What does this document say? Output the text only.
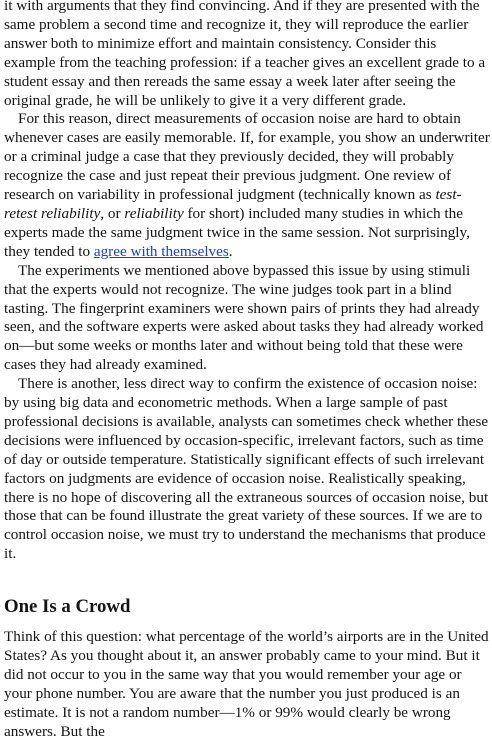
it with arguments that they find convincing. And if they are presented with the same problem a second time and recognize it, they will reproduce the earlier answer both to minimize effort and maintain consistency. Consider this example from the teaching profession: if a teacher gives an excellent grade to a student essay and then rereads the same essay a week later after seeing the original grade, he will be unlikely to give it a very different grade.

For this reason, direct measurements of occasion noise are hard to obtain whenever cases are easily memorable. If, for example, you show an underwriter or a criminal judge a case that they previously decided, they will probably recognize the case and just repeat their previous judgment. One review of research on variability in professional judgment (technically known as test-retest reliability, or reliability for short) included many studies in which the experts made the same judgment twice in the same session. Not surprisingly, they tended to agree with themselves.

The experiments we mentioned above bypassed this issue by using stimuli that the experts would not recognize. The wine judges took part in a blind tasting. The fingerprint examiners were shown pairs of prints they had already seen, and the software experts were asked about tasks they had already worked on—but some weeks or months later and without being told that these were cases they had already examined.

There is another, less direct way to confirm the existence of occasion noise: by using big data and econometric methods. When a large sample of past professional decisions is available, analysts can sometimes check whether these decisions were influenced by occasion-specific, irrelevant factors, such as time of day or outside temperature. Statistically significant effects of such irrelevant factors on judgments are evidence of occasion noise. Realistically speaking, there is no hope of discovering all the extraneous sources of occasion noise, but those that can be found illustrate the great variety of these sources. If we are to control occasion noise, we must try to understand the mechanisms that produce it.

One Is a Crowd

Think of this question: what percentage of the world’s airports are in the United States? As you thought about it, an answer probably came to your mind. But it did not occur to you in the same way that you would remember your age or your phone number. You are aware that the number you just produced is an estimate. It is not a random number—1% or 99% would clearly be wrong answers. But the
